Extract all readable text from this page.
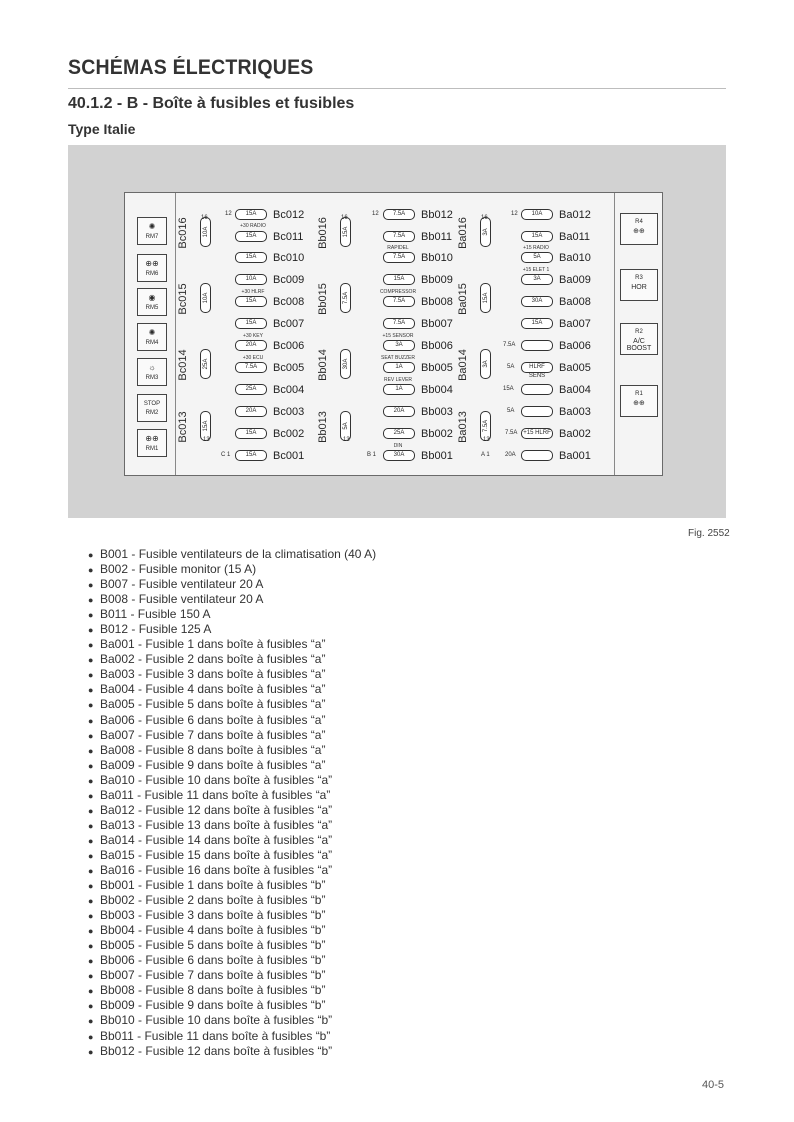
SCHÉMAS ÉLECTRIQUES
40.1.2 - B - Boîte à fusibles et fusibles
Type Italie
✺
RM7
⊕⊕
RM6
◉
RM5
✺
RM4
☼
RM3
STOP
RM2
⊕⊕
RM1
R4
⊕⊕
R3
HOR
R2
A/C BOOST
R1
⊕⊕
15A	Bc012
15A	Bc011
15A	Bc010
10A	Bc009
15A	Bc008
15A	Bc007
20A	Bc006
7.5A	Bc005
25A	Bc004
20A	Bc003
15A	Bc002
15A	Bc001
12
C 1
+30 RADIO
+30 HLRF
+30 KEY
+30 ECU
Bc016 10A
Bc015 10A
Bc014 25A
Bc013 15A
16
13
7.5A	Bb012
7.5A	Bb011
7.5A	Bb010
15A	Bb009
7.5A	Bb008
7.5A	Bb007
3A	Bb006
1A	Bb005
1A	Bb004
20A	Bb003
25A	Bb002
30A	Bb001
12
B 1
RAPIDEL
COMPRESSOR
+15 SENSOR
SEAT BUZZER
REV LEVER
DIN
Bb016 15A
Bb015 7.5A
Bb014 30A
Bb013 5A
16
13
10A	Ba012
15A	Ba011
5A	Ba010
3A	Ba009
30A	Ba008
15A	Ba007
Ba006
HLRF SENS
Ba005
Ba004
Ba003
+15 HLRF Ba002
Ba001
12
A 1	20A
7.5A
5A
15A
5A
7.5A
+15 RADIO
+15 ELET 1
Ba016 3A
Ba015 15A
Ba014 3A
Ba013 7.5A
16
13
Fig. 2552
● B001 - Fusible ventilateurs de la climatisation (40 A)
● B002 - Fusible monitor (15 A)
● B007 - Fusible ventilateur 20 A
● B008 - Fusible ventilateur 20 A
● B011 - Fusible 150 A
● B012 - Fusible 125 A
● Ba001 - Fusible 1 dans boîte à fusibles “a”
● Ba002 - Fusible 2 dans boîte à fusibles “a”
● Ba003 - Fusible 3 dans boîte à fusibles “a”
● Ba004 - Fusible 4 dans boîte à fusibles “a”
● Ba005 - Fusible 5 dans boîte à fusibles “a”
● Ba006 - Fusible 6 dans boîte à fusibles “a”
● Ba007 - Fusible 7 dans boîte à fusibles “a”
● Ba008 - Fusible 8 dans boîte à fusibles “a”
● Ba009 - Fusible 9 dans boîte à fusibles “a”
● Ba010 - Fusible 10 dans boîte à fusibles “a”
● Ba011 - Fusible 11 dans boîte à fusibles “a”
● Ba012 - Fusible 12 dans boîte à fusibles “a”
● Ba013 - Fusible 13 dans boîte à fusibles “a”
● Ba014 - Fusible 14 dans boîte à fusibles “a”
● Ba015 - Fusible 15 dans boîte à fusibles “a”
● Ba016 - Fusible 16 dans boîte à fusibles “a”
● Bb001 - Fusible 1 dans boîte à fusibles “b”
● Bb002 - Fusible 2 dans boîte à fusibles “b”
● Bb003 - Fusible 3 dans boîte à fusibles “b”
● Bb004 - Fusible 4 dans boîte à fusibles “b”
● Bb005 - Fusible 5 dans boîte à fusibles “b”
● Bb006 - Fusible 6 dans boîte à fusibles “b”
● Bb007 - Fusible 7 dans boîte à fusibles “b”
● Bb008 - Fusible 8 dans boîte à fusibles “b”
● Bb009 - Fusible 9 dans boîte à fusibles “b”
● Bb010 - Fusible 10 dans boîte à fusibles “b”
● Bb011 - Fusible 11 dans boîte à fusibles “b”
● Bb012 - Fusible 12 dans boîte à fusibles “b”
40-5
